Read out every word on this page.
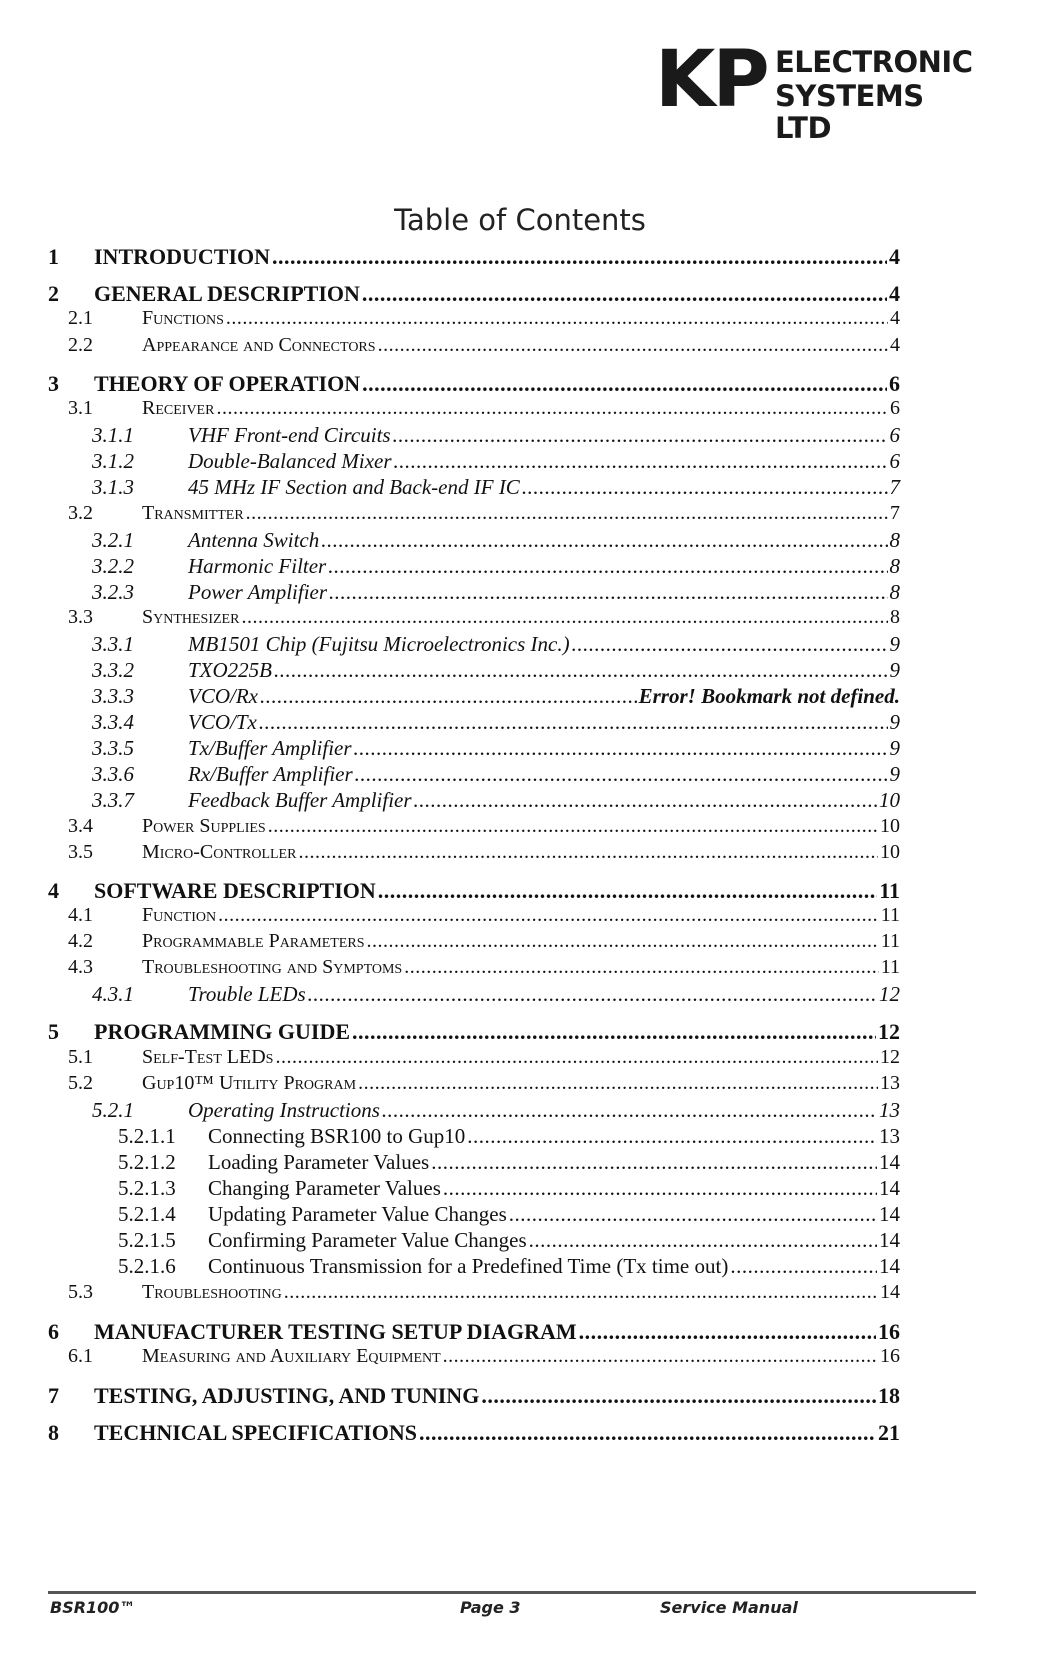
KP ELECTRONIC
SYSTEMS LTD
Table of Contents
1	INTRODUCTION .....	4
2	GENERAL DESCRIPTION .....	4
2.1	Functions .....	4
2.2	Appearance and Connectors .....	4
3	THEORY OF OPERATION .....	6
3.1	Receiver .....	6
3.1.1	VHF Front-end Circuits .....	6
3.1.2	Double-Balanced Mixer .....	6
3.1.3	45 MHz IF Section and Back-end IF IC .....	7
3.2	Transmitter .....	7
3.2.1	Antenna Switch .....	8
3.2.2	Harmonic Filter .....	8
3.2.3	Power Amplifier .....	8
3.3	Synthesizer .....	8
3.3.1	MB1501 Chip (Fujitsu Microelectronics Inc.) .....	9
3.3.2	TXO225B .....	9
3.3.3	VCO/Rx .....	Error! Bookmark not defined.
3.3.4	VCO/Tx .....	9
3.3.5	Tx/Buffer Amplifier .....	9
3.3.6	Rx/Buffer Amplifier .....	9
3.3.7	Feedback Buffer Amplifier .....	10
3.4	Power Supplies .....	10
3.5	Micro-Controller .....	10
4	SOFTWARE DESCRIPTION .....	11
4.1	Function .....	11
4.2	Programmable Parameters .....	11
4.3	Troubleshooting and Symptoms .....	11
4.3.1	Trouble LEDs .....	12
5	PROGRAMMING GUIDE .....	12
5.1	Self-Test LEDs .....	12
5.2	Gup10™ Utility Program .....	13
5.2.1	Operating Instructions .....	13
5.2.1.1	Connecting BSR100 to Gup10 .....	13
5.2.1.2	Loading Parameter Values .....	14
5.2.1.3	Changing Parameter Values .....	14
5.2.1.4	Updating Parameter Value Changes .....	14
5.2.1.5	Confirming Parameter Value Changes .....	14
5.2.1.6	Continuous Transmission for a Predefined Time (Tx time out) .....	14
5.3	Troubleshooting .....	14
6	MANUFACTURER TESTING SETUP DIAGRAM .....	16
6.1	Measuring and Auxiliary Equipment .....	16
7	TESTING, ADJUSTING, AND TUNING .....	18
8	TECHNICAL SPECIFICATIONS .....	21
BSR100™	Page 3	Service Manual
